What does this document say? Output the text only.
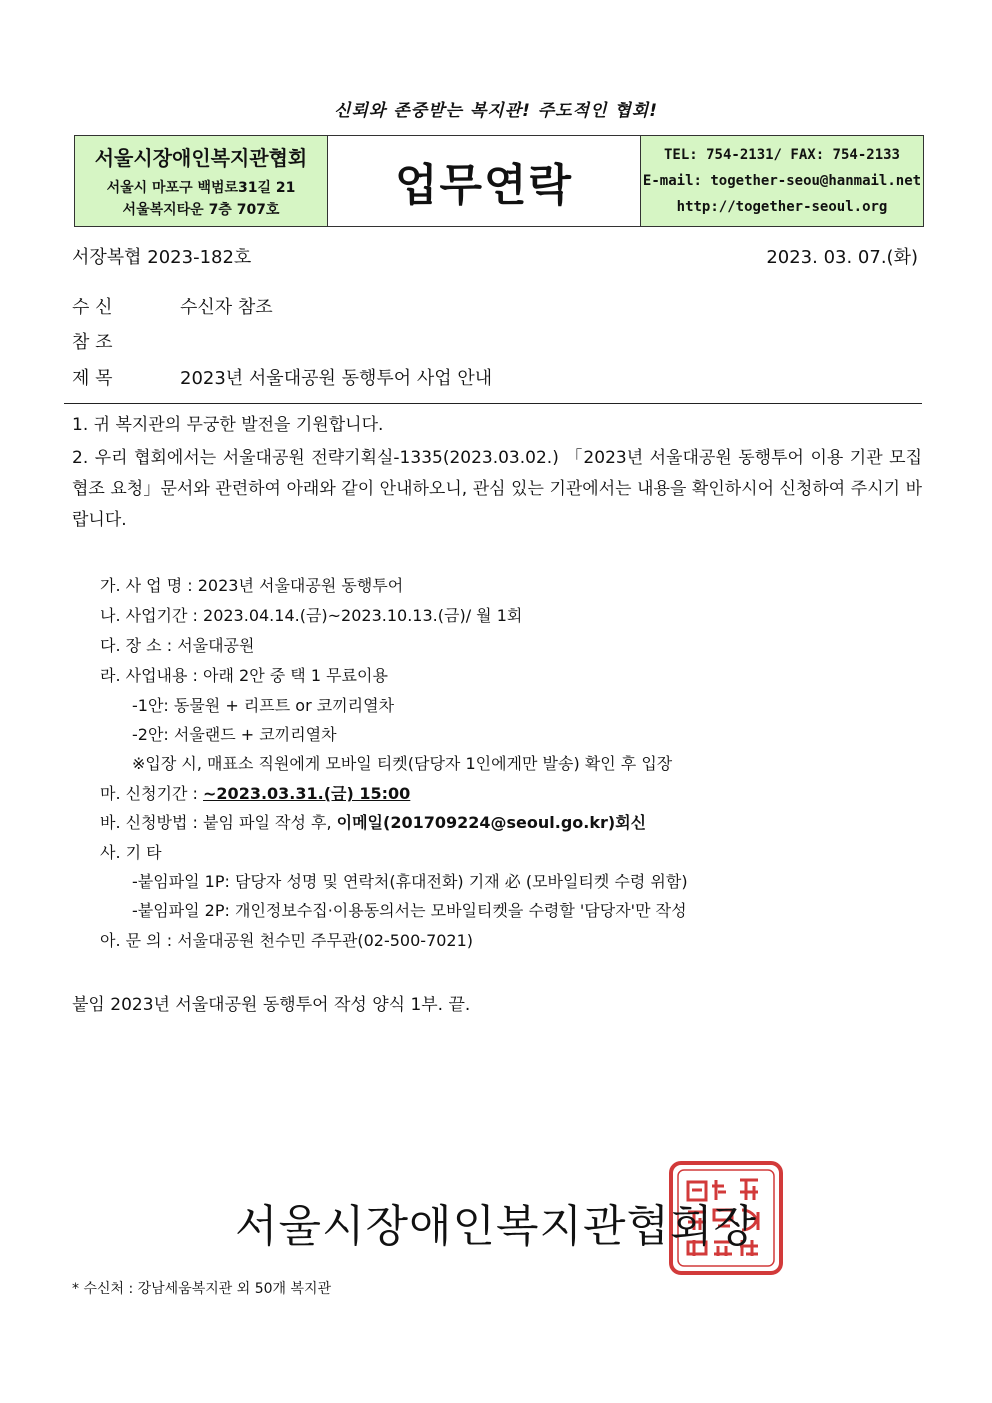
신뢰와 존중받는 복지관! 주도적인 협회!
서울시장애인복지관협회
서울시 마포구 백범로31길 21
서울복지타운 7층 707호	업무연락
TEL: 754-2131/ FAX: 754-2133
E-mail: together-seou@hanmail.net
http://together-seoul.org
서장복협 2023-182호	2023. 03. 07.(화)
수 신	수신자 참조
참 조
제 목	2023년 서울대공원 동행투어 사업 안내
1. 귀 복지관의 무궁한 발전을 기원합니다.
2. 우리 협회에서는 서울대공원 전략기획실-1335(2023.03.02.) 「2023년 서울대공원 동행투어 이용 기관 모집 협조 요청」문서와 관련하여 아래와 같이 안내하오니, 관심 있는 기관에서는 내용을 확인하시어 신청하여 주시기 바랍니다.
가. 사 업 명 : 2023년 서울대공원 동행투어
나. 사업기간 : 2023.04.14.(금)~2023.10.13.(금)/ 월 1회
다. 장 소 : 서울대공원
라. 사업내용 : 아래 2안 중 택 1 무료이용
-1안: 동물원 + 리프트 or 코끼리열차
-2안: 서울랜드 + 코끼리열차
※입장 시, 매표소 직원에게 모바일 티켓(담당자 1인에게만 발송) 확인 후 입장
마. 신청기간 : ~2023.03.31.(금) 15:00
바. 신청방법 : 붙임 파일 작성 후, 이메일(201709224@seoul.go.kr)회신
사. 기 타
-붙임파일 1P: 담당자 성명 및 연락처(휴대전화) 기재 必 (모바일티켓 수령 위함)
-붙임파일 2P: 개인정보수집·이용동의서는 모바일티켓을 수령할 '담당자'만 작성
아. 문 의 : 서울대공원 천수민 주무관(02-500-7021)
붙임 2023년 서울대공원 동행투어 작성 양식 1부. 끝.
서울시장애인복지관협회장
* 수신처 : 강남세움복지관 외 50개 복지관
